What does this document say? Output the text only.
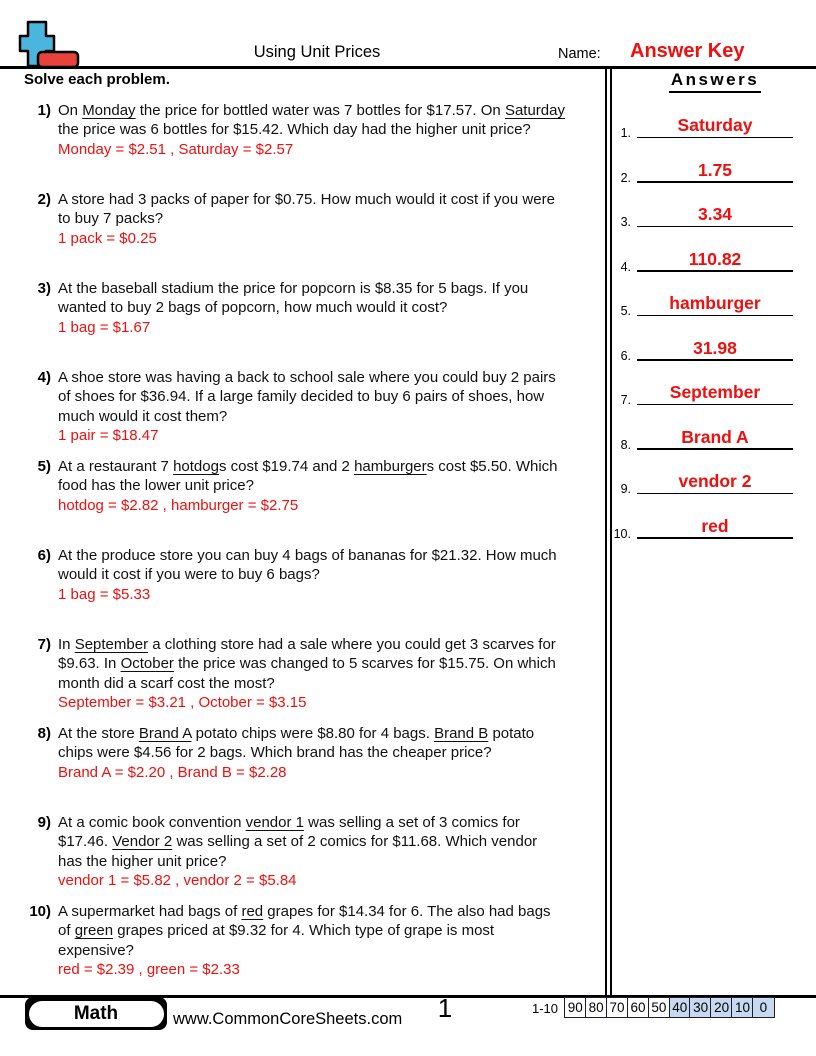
Using Unit Prices	Name: Answer Key
Solve each problem.
1) On Monday the price for bottled water was 7 bottles for $17.57. On Saturday
the price was 6 bottles for $15.42. Which day had the higher unit price?
Monday = $2.51 , Saturday = $2.57
2) A store had 3 packs of paper for $0.75. How much would it cost if you were
to buy 7 packs?
1 pack = $0.25
3) At the baseball stadium the price for popcorn is $8.35 for 5 bags. If you
wanted to buy 2 bags of popcorn, how much would it cost?
1 bag = $1.67
4) A shoe store was having a back to school sale where you could buy 2 pairs
of shoes for $36.94. If a large family decided to buy 6 pairs of shoes, how
much would it cost them?
1 pair = $18.47
5) At a restaurant 7 hotdogs cost $19.74 and 2 hamburgers cost $5.50. Which
food has the lower unit price?
hotdog = $2.82 , hamburger = $2.75
6) At the produce store you can buy 4 bags of bananas for $21.32. How much
would it cost if you were to buy 6 bags?
1 bag = $5.33
7) In September a clothing store had a sale where you could get 3 scarves for
$9.63. In October the price was changed to 5 scarves for $15.75. On which
month did a scarf cost the most?
September = $3.21 , October = $3.15
8) At the store Brand A potato chips were $8.80 for 4 bags. Brand B potato
chips were $4.56 for 2 bags. Which brand has the cheaper price?
Brand A = $2.20 , Brand B = $2.28
9) At a comic book convention vendor 1 was selling a set of 3 comics for
$17.46. Vendor 2 was selling a set of 2 comics for $11.68. Which vendor
has the higher unit price?
vendor 1 = $5.82 , vendor 2 = $5.84
10) A supermarket had bags of red grapes for $14.34 for 6. The also had bags
of green grapes priced at $9.32 for 4. Which type of grape is most
expensive?
red = $2.39 , green = $2.33
Answers
1.	Saturday
2.	1.75
3.	3.34
4.	110.82
5.	hamburger
6.	31.98
7.	September
8.	Brand A
9.	vendor 2
10.	red
Math	www.CommonCoreSheets.com	1	1-10 90 80 70 60 50 40 30 20 10 0
